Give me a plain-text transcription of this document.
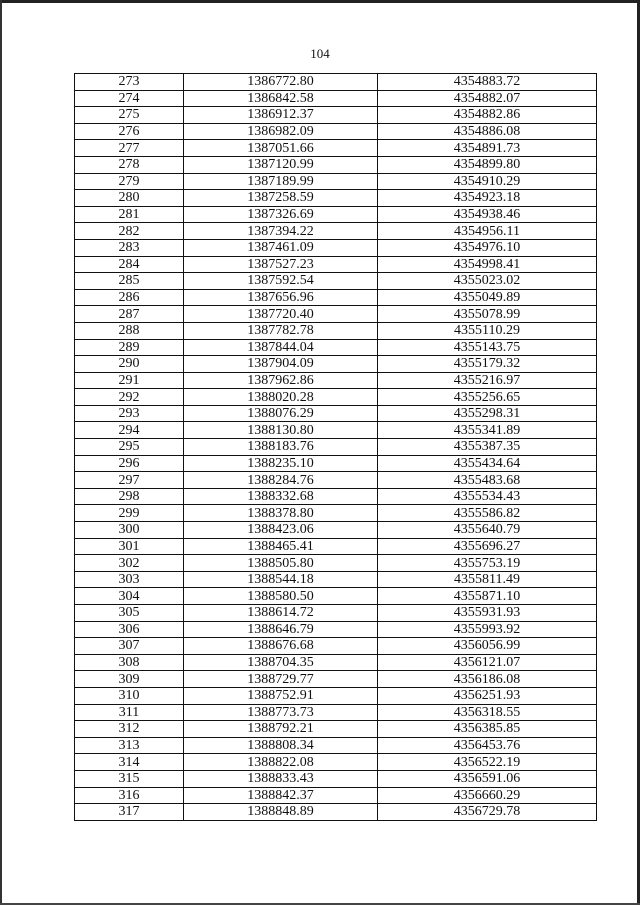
104
273	1386772.80	4354883.72
274	1386842.58	4354882.07
275	1386912.37	4354882.86
276	1386982.09	4354886.08
277	1387051.66	4354891.73
278	1387120.99	4354899.80
279	1387189.99	4354910.29
280	1387258.59	4354923.18
281	1387326.69	4354938.46
282	1387394.22	4354956.11
283	1387461.09	4354976.10
284	1387527.23	4354998.41
285	1387592.54	4355023.02
286	1387656.96	4355049.89
287	1387720.40	4355078.99
288	1387782.78	4355110.29
289	1387844.04	4355143.75
290	1387904.09	4355179.32
291	1387962.86	4355216.97
292	1388020.28	4355256.65
293	1388076.29	4355298.31
294	1388130.80	4355341.89
295	1388183.76	4355387.35
296	1388235.10	4355434.64
297	1388284.76	4355483.68
298	1388332.68	4355534.43
299	1388378.80	4355586.82
300	1388423.06	4355640.79
301	1388465.41	4355696.27
302	1388505.80	4355753.19
303	1388544.18	4355811.49
304	1388580.50	4355871.10
305	1388614.72	4355931.93
306	1388646.79	4355993.92
307	1388676.68	4356056.99
308	1388704.35	4356121.07
309	1388729.77	4356186.08
310	1388752.91	4356251.93
311	1388773.73	4356318.55
312	1388792.21	4356385.85
313	1388808.34	4356453.76
314	1388822.08	4356522.19
315	1388833.43	4356591.06
316	1388842.37	4356660.29
317	1388848.89	4356729.78
